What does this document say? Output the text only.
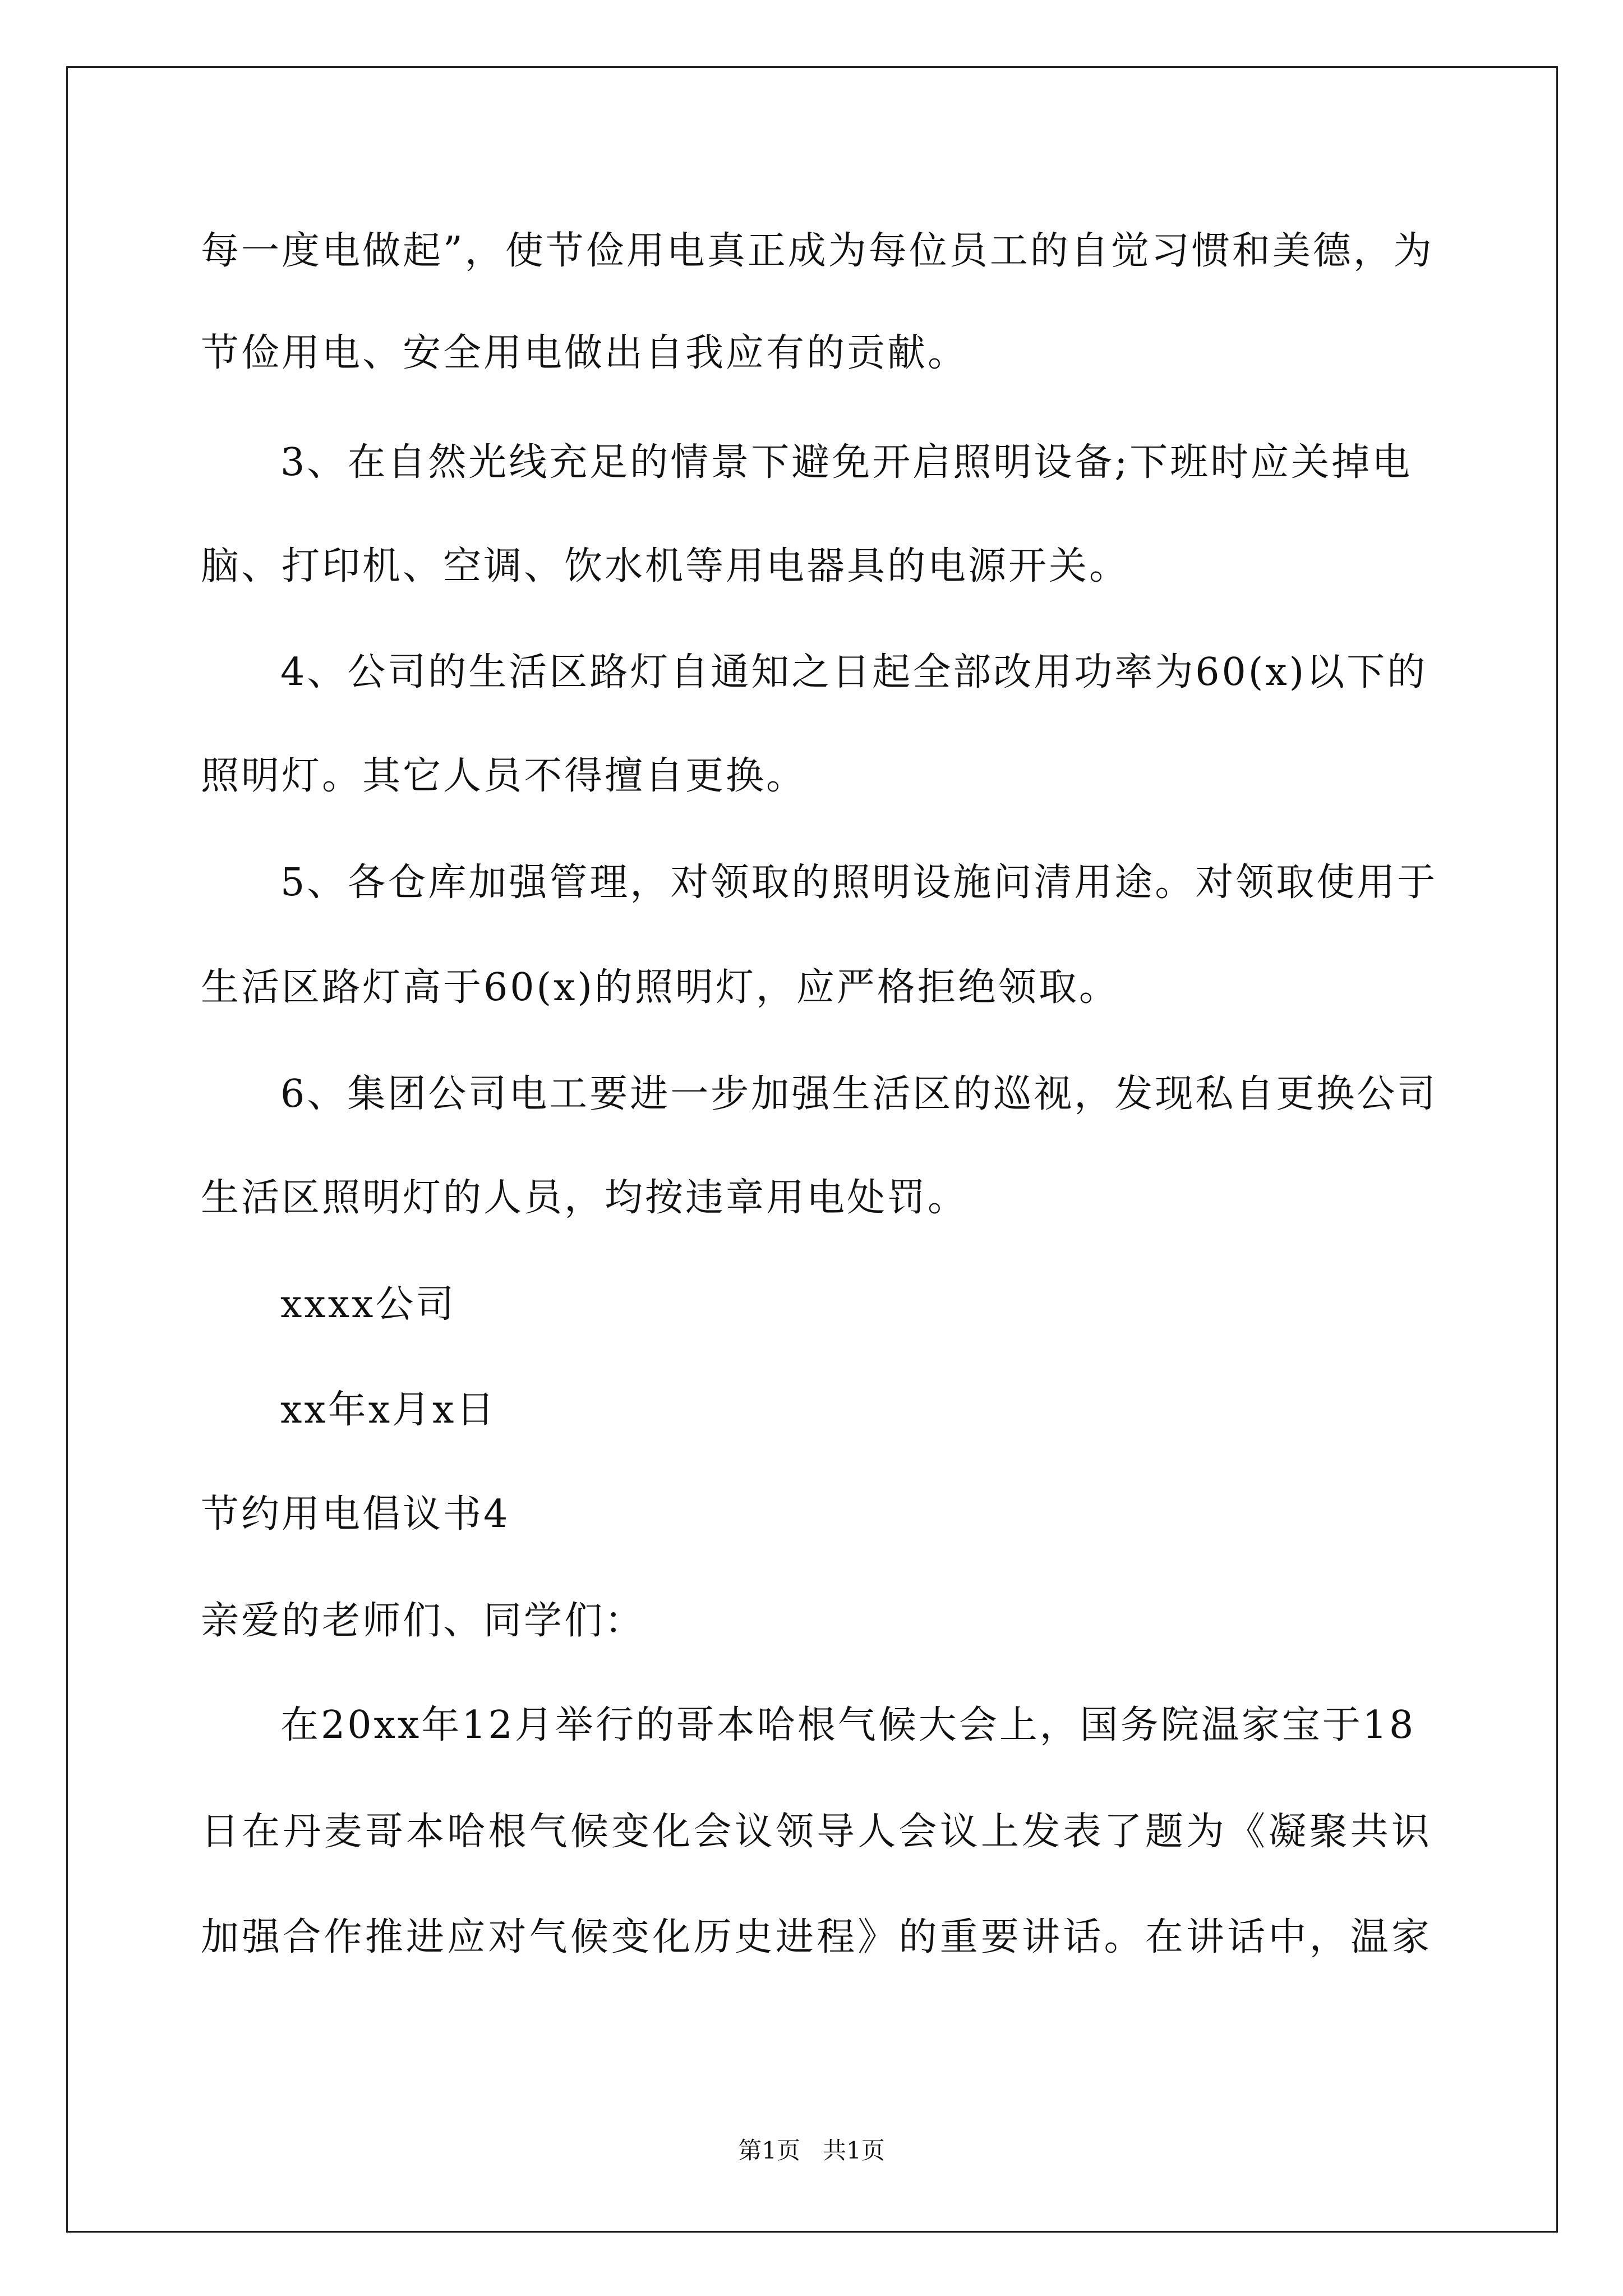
每一度电做起”，使节俭用电真正成为每位员工的自觉习惯和美德，为
节俭用电、安全用电做出自我应有的贡献。
3、在自然光线充足的情景下避免开启照明设备;下班时应关掉电
脑、打印机、空调、饮水机等用电器具的电源开关。
4、公司的生活区路灯自通知之日起全部改用功率为60(x)以下的
照明灯。其它人员不得擅自更换。
5、各仓库加强管理，对领取的照明设施问清用途。对领取使用于
生活区路灯高于60(x)的照明灯，应严格拒绝领取。
6、集团公司电工要进一步加强生活区的巡视，发现私自更换公司
生活区照明灯的人员，均按违章用电处罚。
xxxx公司
xx年x月x日
节约用电倡议书4
亲爱的老师们、同学们：
在20xx年12月举行的哥本哈根气候大会上，国务院温家宝于18
日在丹麦哥本哈根气候变化会议领导人会议上发表了题为《凝聚共识
加强合作推进应对气候变化历史进程》的重要讲话。在讲话中，温家
第1页   共1页
